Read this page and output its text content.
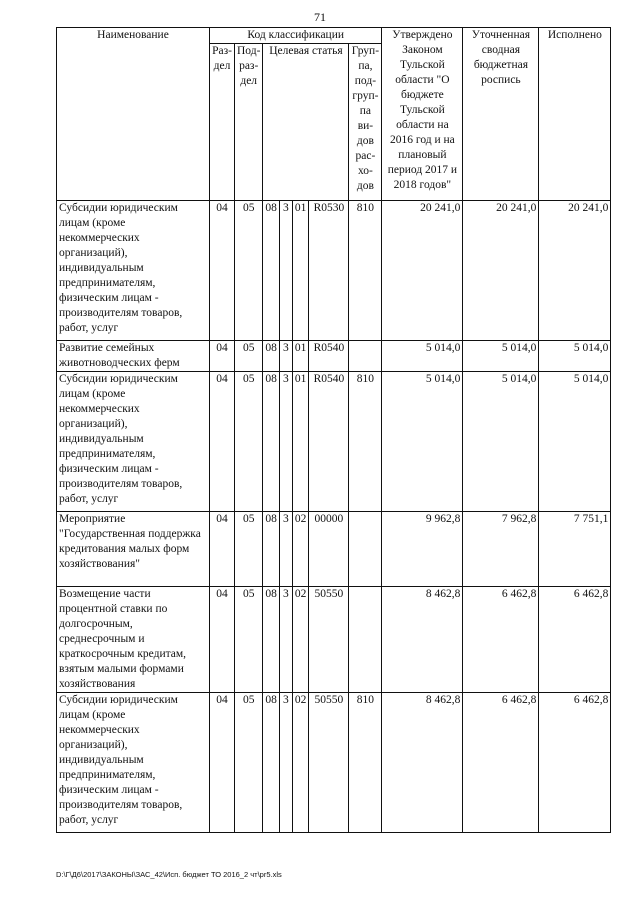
71
Наименование	Код классификации							Утверждено Законом Тульской области "О бюджете Тульской области на 2016 год и на плановый период 2017 и 2018 годов"	Уточненная сводная бюджетная роспись	Исполнено
	Раз-дел	Под-раз-дел	Целевая статья				Груп-па, под-груп-па ви-дов рас-хо-дов			
Субсидии юридическим лицам (кроме некоммерческих организаций), индивидуальным предпринимателям, физическим лицам - производителям товаров, работ, услуг	04	05	08	3	01	R0530	810	20 241,0	20 241,0	20 241,0
Развитие семейных животноводческих ферм	04	05	08	3	01	R0540		5 014,0	5 014,0	5 014,0
Субсидии юридическим лицам (кроме некоммерческих организаций), индивидуальным предпринимателям, физическим лицам - производителям товаров, работ, услуг	04	05	08	3	01	R0540	810	5 014,0	5 014,0	5 014,0
Мероприятие "Государственная поддержка кредитования малых форм хозяйствования"	04	05	08	3	02	00000		9 962,8	7 962,8	7 751,1
Возмещение части процентной ставки по долгосрочным, среднесрочным и краткосрочным кредитам, взятым малыми формами хозяйствования	04	05	08	3	02	50550		8 462,8	6 462,8	6 462,8
Субсидии юридическим лицам (кроме некоммерческих организаций), индивидуальным предпринимателям, физическим лицам - производителям товаров, работ, услуг	04	05	08	3	02	50550	810	8 462,8	6 462,8	6 462,8
D:\Г\Д6\2017\ЗАКОНЫ\ЗАС_42\Исп. бюджет ТО 2016_2 чт\pr5.xls
